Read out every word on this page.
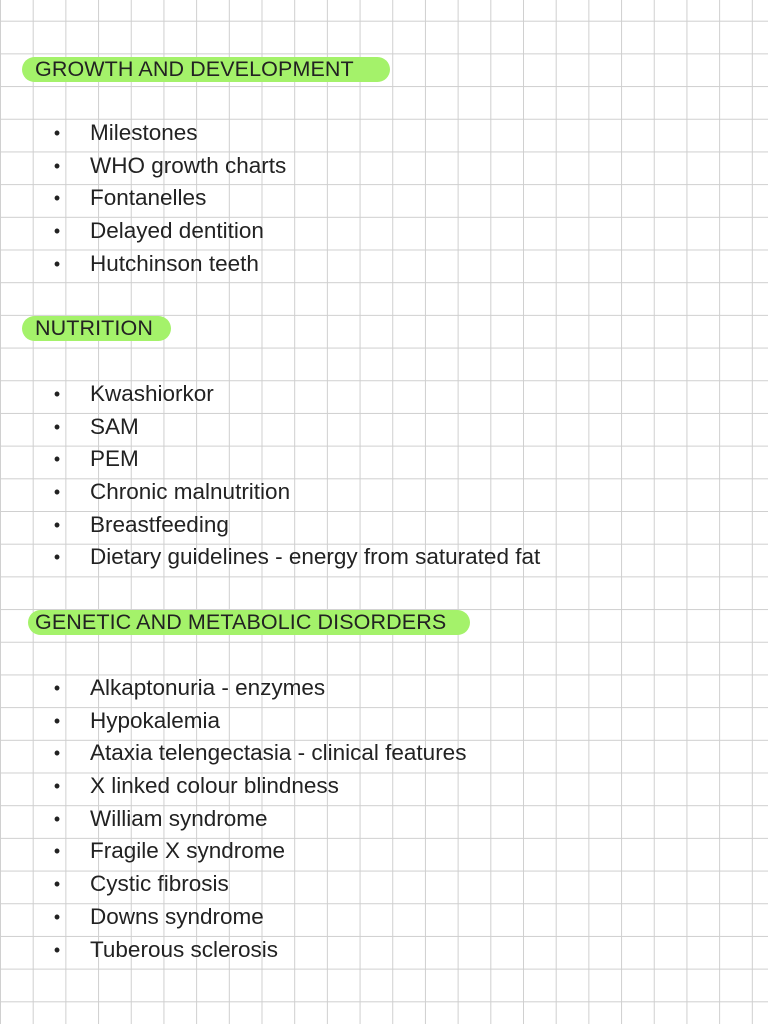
GROWTH AND DEVELOPMENT
• Milestones
• WHO growth charts
• Fontanelles
• Delayed dentition
• Hutchinson teeth
NUTRITION
• Kwashiorkor
• SAM
• PEM
• Chronic malnutrition
• Breastfeeding
• Dietary guidelines - energy from saturated fat
GENETIC AND METABOLIC DISORDERS
• Alkaptonuria - enzymes
• Hypokalemia
• Ataxia telengectasia - clinical features
• X linked colour blindness
• William syndrome
• Fragile X syndrome
• Cystic fibrosis
• Downs syndrome
• Tuberous sclerosis
